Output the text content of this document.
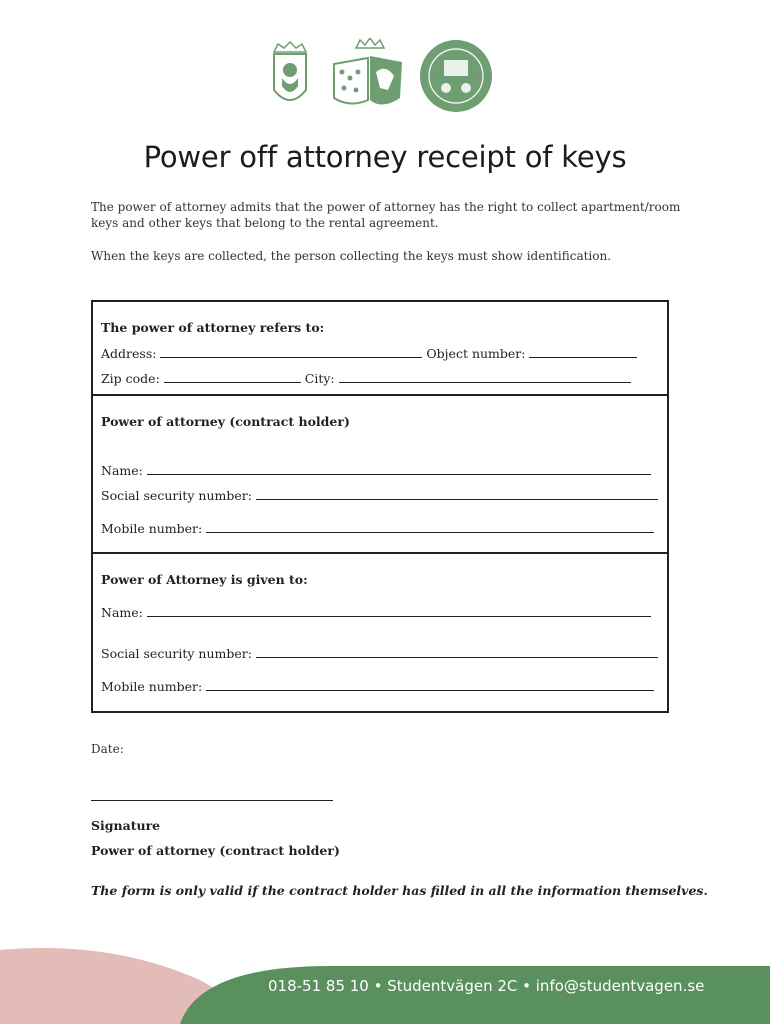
Power off attorney receipt of keys
The power of attorney admits that the power of attorney has the right to collect apartment/room
keys and other keys that belong to the rental agreement.
When the keys are collected, the person collecting the keys must show identification.
The power of attorney refers to:
Address:	Object number:
Zip code:	City:
Power of attorney (contract holder)
Name:
Social security number:
Mobile number:
Power of Attorney is given to:
Name:
Social security number:
Mobile number:
Date:
Signature
Power of attorney (contract holder)
The form is only valid if the contract holder has filled in all the information themselves.
018-51 85 10 • Studentvägen 2C • info@studentvagen.se
